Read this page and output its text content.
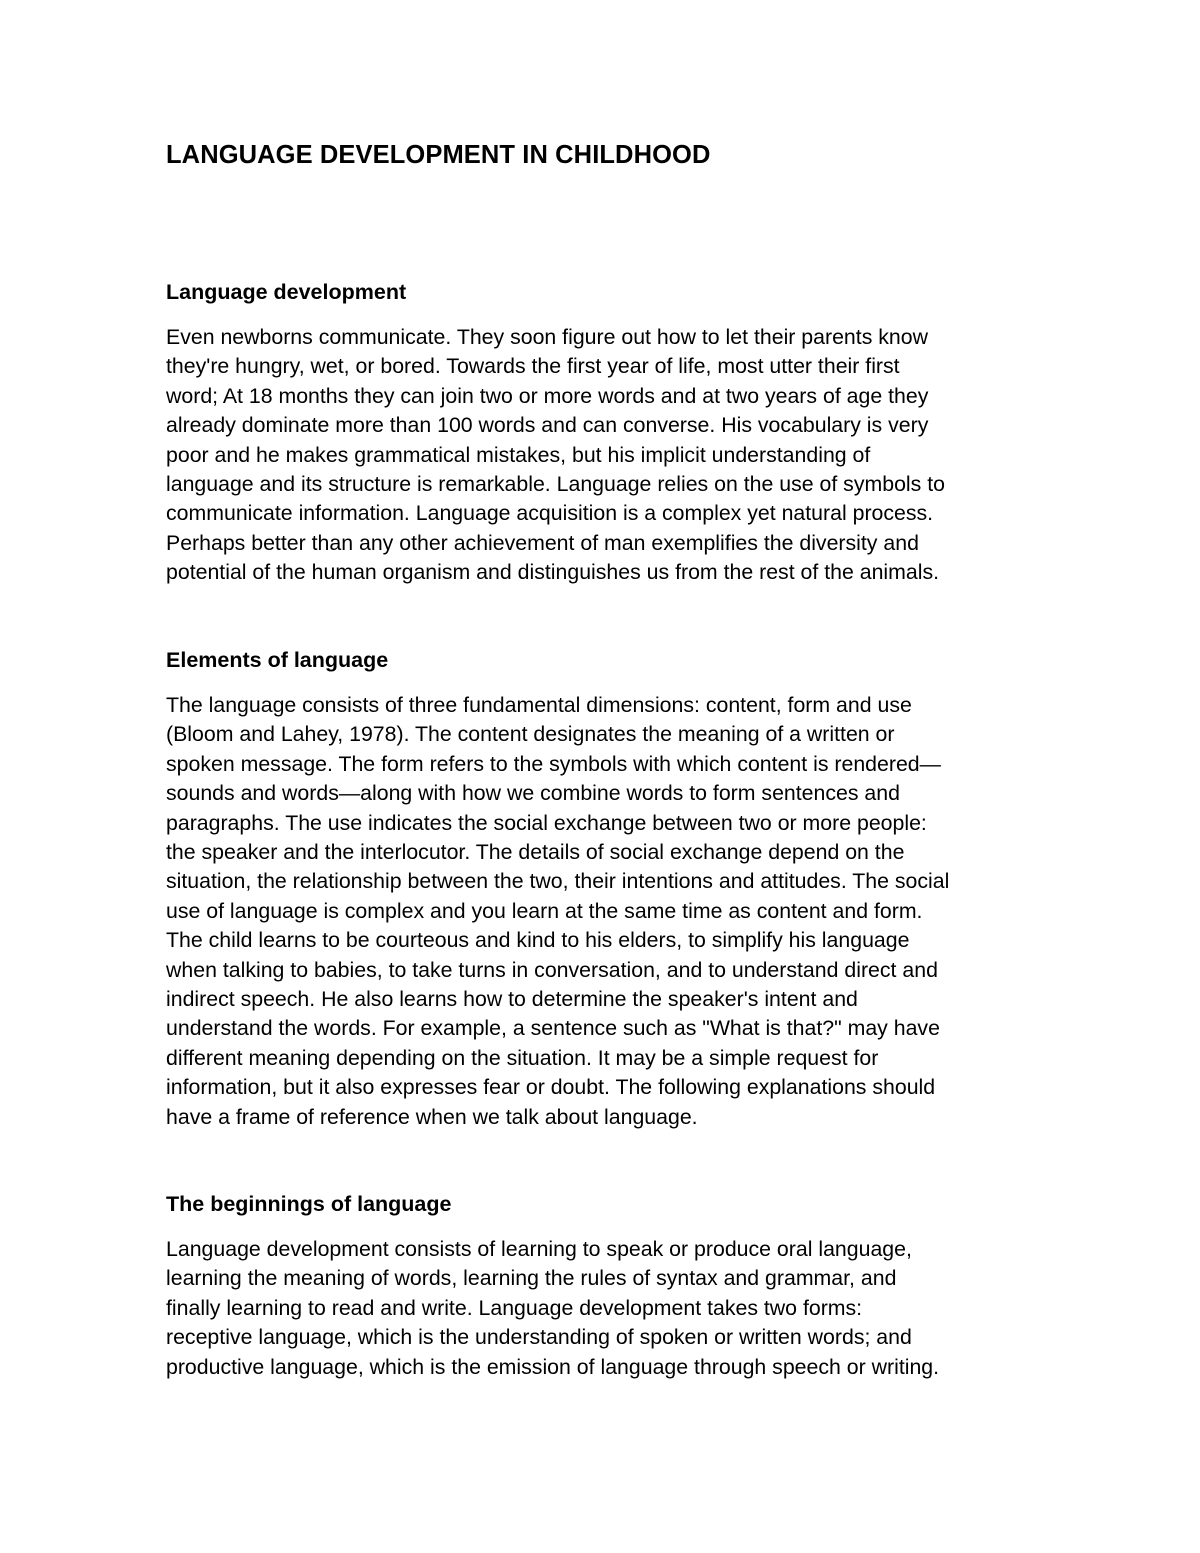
LANGUAGE DEVELOPMENT IN CHILDHOOD
Language development

Even newborns communicate. They soon figure out how to let their parents know
they're hungry, wet, or bored. Towards the first year of life, most utter their first
word; At 18 months they can join two or more words and at two years of age they
already dominate more than 100 words and can converse. His vocabulary is very
poor and he makes grammatical mistakes, but his implicit understanding of
language and its structure is remarkable. Language relies on the use of symbols to
communicate information. Language acquisition is a complex yet natural process.
Perhaps better than any other achievement of man exemplifies the diversity and
potential of the human organism and distinguishes us from the rest of the animals.

Elements of language

The language consists of three fundamental dimensions: content, form and use
(Bloom and Lahey, 1978). The content designates the meaning of a written or
spoken message. The form refers to the symbols with which content is rendered—
sounds and words—along with how we combine words to form sentences and
paragraphs. The use indicates the social exchange between two or more people:
the speaker and the interlocutor. The details of social exchange depend on the
situation, the relationship between the two, their intentions and attitudes. The social
use of language is complex and you learn at the same time as content and form.
The child learns to be courteous and kind to his elders, to simplify his language
when talking to babies, to take turns in conversation, and to understand direct and
indirect speech. He also learns how to determine the speaker's intent and
understand the words. For example, a sentence such as "What is that?" may have
different meaning depending on the situation. It may be a simple request for
information, but it also expresses fear or doubt. The following explanations should
have a frame of reference when we talk about language.

The beginnings of language

Language development consists of learning to speak or produce oral language,
learning the meaning of words, learning the rules of syntax and grammar, and
finally learning to read and write. Language development takes two forms:
receptive language, which is the understanding of spoken or written words; and
productive language, which is the emission of language through speech or writing.
